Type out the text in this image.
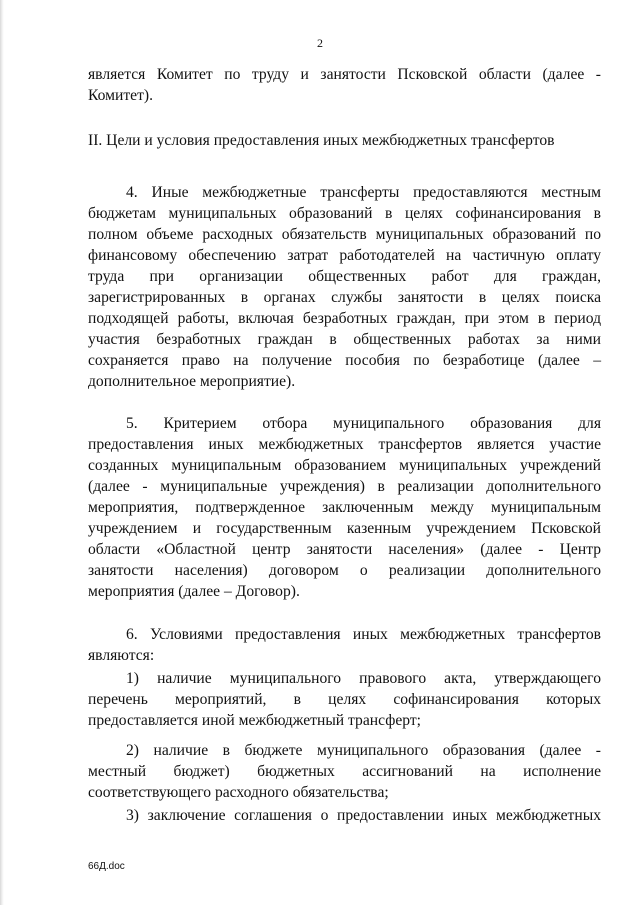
2
является Комитет по труду и занятости Псковской области (далее -
Комитет).
II. Цели и условия предоставления иных межбюджетных трансфертов
4. Иные межбюджетные трансферты предоставляются местным
бюджетам муниципальных образований в целях софинансирования в
полном объеме расходных обязательств муниципальных образований по
финансовому обеспечению затрат работодателей на частичную оплату
труда при организации общественных работ для граждан,
зарегистрированных в органах службы занятости в целях поиска
подходящей работы, включая безработных граждан, при этом в период
участия безработных граждан в общественных работах за ними
сохраняется право на получение пособия по безработице (далее –
дополнительное мероприятие).
5. Критерием отбора муниципального образования для
предоставления иных межбюджетных трансфертов является участие
созданных муниципальным образованием муниципальных учреждений
(далее - муниципальные учреждения) в реализации дополнительного
мероприятия, подтвержденное заключенным между муниципальным
учреждением и государственным казенным учреждением Псковской
области «Областной центр занятости населения» (далее - Центр
занятости населения) договором о реализации дополнительного
мероприятия (далее – Договор).
6. Условиями предоставления иных межбюджетных трансфертов
являются:
1) наличие муниципального правового акта, утверждающего
перечень мероприятий, в целях софинансирования которых
предоставляется иной межбюджетный трансферт;
2) наличие в бюджете муниципального образования (далее -
местный бюджет) бюджетных ассигнований на исполнение
соответствующего расходного обязательства;
3) заключение соглашения о предоставлении иных межбюджетных
66Д.doc
